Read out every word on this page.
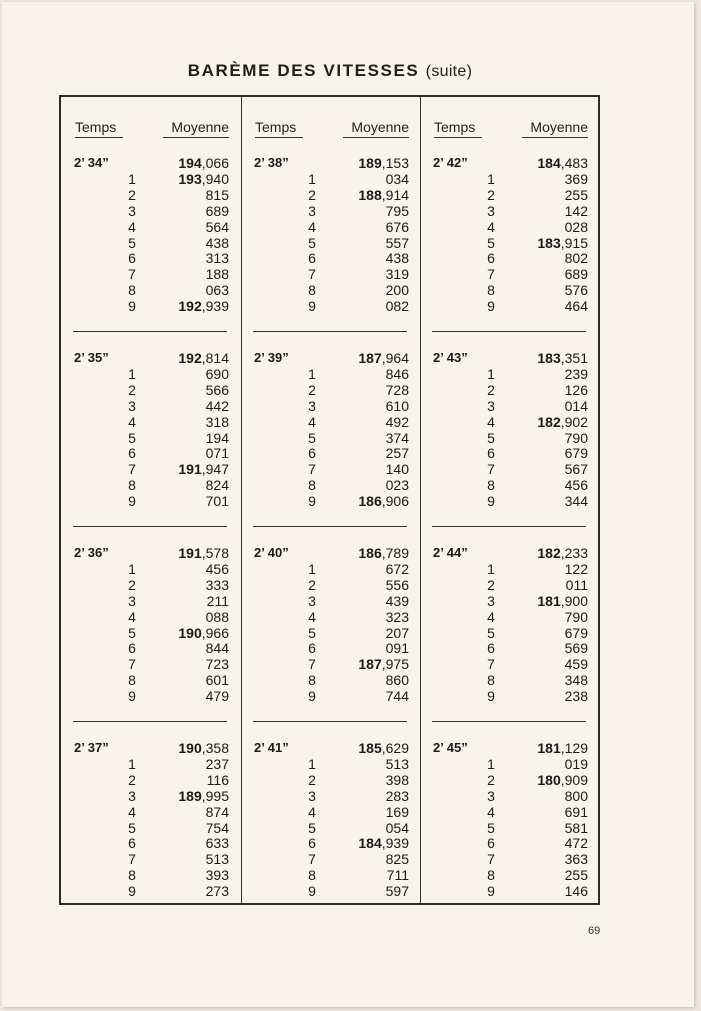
BARÈME DES VITESSES (suite)
Temps	Moyenne
2’ 34”	194,066
1	193,940
2	815
3	689
4	564
5	438
6	313
7	188
8	063
9	192,939
2’ 35”	192,814
1	690
2	566
3	442
4	318
5	194
6	071
7	191,947
8	824
9	701
2’ 36”	191,578
1	456
2	333
3	211
4	088
5	190,966
6	844
7	723
8	601
9	479
2’ 37”	190,358
1	237
2	116
3	189,995
4	874
5	754
6	633
7	513
8	393
9	273
Temps	Moyenne
2’ 38”	189,153
1	034
2	188,914
3	795
4	676
5	557
6	438
7	319
8	200
9	082
2’ 39”	187,964
1	846
2	728
3	610
4	492
5	374
6	257
7	140
8	023
9	186,906
2’ 40”	186,789
1	672
2	556
3	439
4	323
5	207
6	091
7	187,975
8	860
9	744
2’ 41”	185,629
1	513
2	398
3	283
4	169
5	054
6	184,939
7	825
8	711
9	597
Temps	Moyenne
2’ 42”	184,483
1	369
2	255
3	142
4	028
5	183,915
6	802
7	689
8	576
9	464
2’ 43”	183,351
1	239
2	126
3	014
4	182,902
5	790
6	679
7	567
8	456
9	344
2’ 44”	182,233
1	122
2	011
3	181,900
4	790
5	679
6	569
7	459
8	348
9	238
2’ 45”	181,129
1	019
2	180,909
3	800
4	691
5	581
6	472
7	363
8	255
9	146
69
